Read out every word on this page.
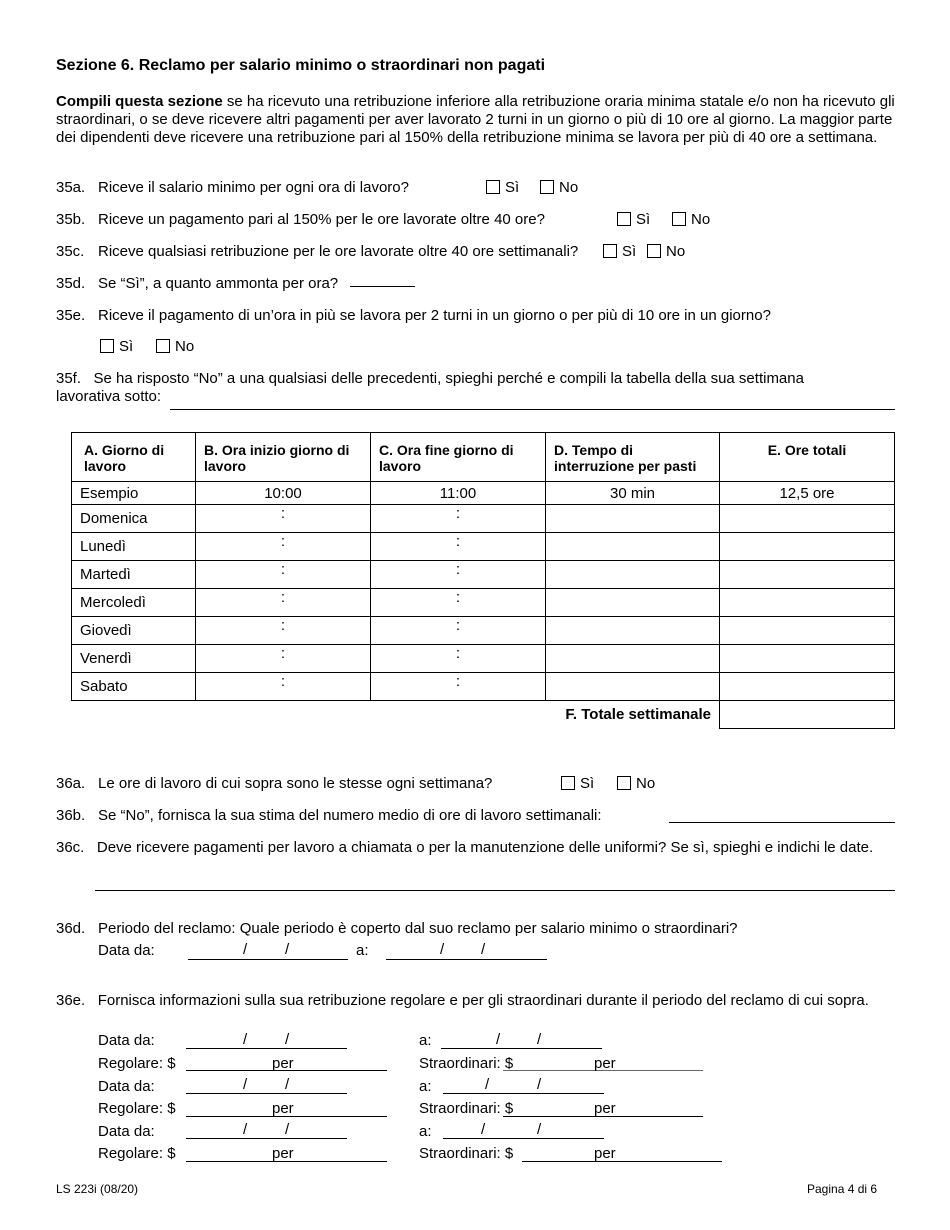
Sezione 6. Reclamo per salario minimo o straordinari non pagati
Compili questa sezione se ha ricevuto una retribuzione inferiore alla retribuzione oraria minima statale e/o non ha ricevuto gli straordinari, o se deve ricevere altri pagamenti per aver lavorato 2 turni in un giorno o più di 10 ore al giorno. La maggior parte dei dipendenti deve ricevere una retribuzione pari al 150% della retribuzione minima se lavora per più di 40 ore a settimana.
35a. Riceve il salario minimo per ogni ora di lavoro?	Sì	No
35b. Riceve un pagamento pari al 150% per le ore lavorate oltre 40 ore?	Sì	No
35c. Riceve qualsiasi retribuzione per le ore lavorate oltre 40 ore settimanali?	Sì	No
35d. Se “Sì”, a quanto ammonta per ora?
35e. Riceve il pagamento di un’ora in più se lavora per 2 turni in un giorno o per più di 10 ore in un giorno?
Sì	No
35f. Se ha risposto “No” a una qualsiasi delle precedenti, spieghi perché e compili la tabella della sua settimana lavorativa sotto:
A. Giorno di lavoro	B. Ora inizio giorno di lavoro	C. Ora fine giorno di lavoro	D. Tempo di interruzione per pasti	E. Ore totali
Esempio	10:00	11:00	30 min	12,5 ore
Domenica	:	:		
Lunedì	:	:		
Martedì	:	:		
Mercoledì	:	:		
Giovedì	:	:		
Venerdì	:	:		
Sabato	:	:		
F. Totale settimanale				
36a. Le ore di lavoro di cui sopra sono le stesse ogni settimana?	Sì	No
36b. Se “No”, fornisca la sua stima del numero medio di ore di lavoro settimanali:
36c. Deve ricevere pagamenti per lavoro a chiamata o per la manutenzione delle uniformi? Se sì, spieghi e indichi le date.
36d. Periodo del reclamo: Quale periodo è coperto dal suo reclamo per salario minimo o straordinari?
Data da:	/	/	a:	/ /
36e. Fornisca informazioni sulla sua retribuzione regolare e per gli straordinari durante il periodo del reclamo di cui sopra.
Data da:	/	/	a:	/ /
Regolare: $	per	Straordinari: $	per
Data da:	/	/	a:	/	/
Regolare: $	per	Straordinari: $	per
Data da:	/	/	a:	/	/
Regolare: $	per	Straordinari: $	per
LS 223i (08/20)	Pagina 4 di 6
